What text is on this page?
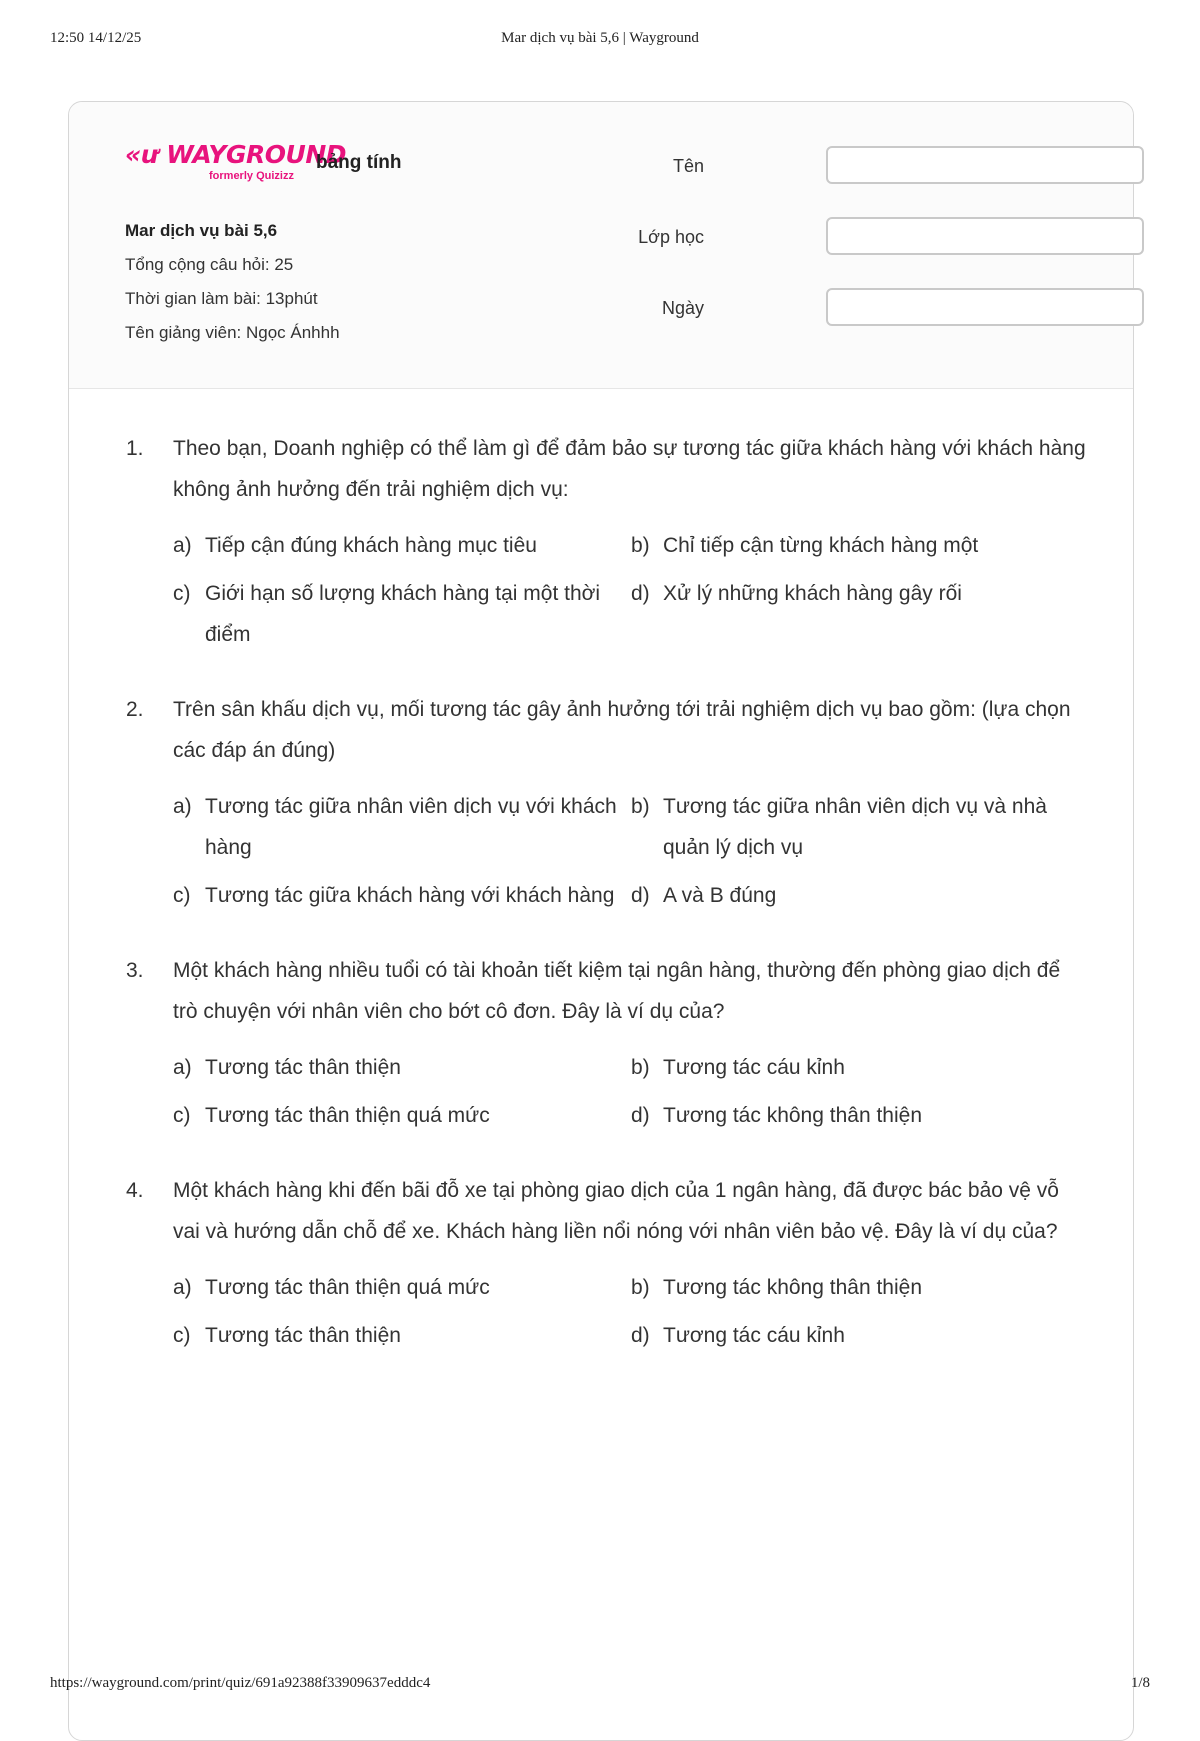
Mar dịch vụ bài 5,6 | Wayground
12:50 14/12/25
«ư WAYGROUND
formerly Quizizz
bảng tính
Mar dịch vụ bài 5,6
Tổng cộng câu hỏi: 25
Thời gian làm bài: 13phút
Tên giảng viên: Ngọc Ánhhh
Tên
Lớp học
Ngày
1. Theo bạn, Doanh nghiệp có thể làm gì để đảm bảo sự tương tác giữa khách hàng với khách hàng không ảnh hưởng đến trải nghiệm dịch vụ:
a) Tiếp cận đúng khách hàng mục tiêu	b) Chỉ tiếp cận từng khách hàng một
c) Giới hạn số lượng khách hàng tại một thời điểm
d) Xử lý những khách hàng gây rối
2. Trên sân khấu dịch vụ, mối tương tác gây ảnh hưởng tới trải nghiệm dịch vụ bao gồm: (lựa chọn các đáp án đúng)
a) Tương tác giữa nhân viên dịch vụ với khách hàng
b) Tương tác giữa nhân viên dịch vụ và nhà quản lý dịch vụ
c) Tương tác giữa khách hàng với khách hàng d) A và B đúng
3. Một khách hàng nhiều tuổi có tài khoản tiết kiệm tại ngân hàng, thường đến phòng giao dịch để trò chuyện với nhân viên cho bớt cô đơn. Đây là ví dụ của?
a) Tương tác thân thiện	b) Tương tác cáu kỉnh
c) Tương tác thân thiện quá mức	d) Tương tác không thân thiện
4. Một khách hàng khi đến bãi đỗ xe tại phòng giao dịch của 1 ngân hàng, đã được bác bảo vệ vỗ vai và hướng dẫn chỗ để xe. Khách hàng liền nổi nóng với nhân viên bảo vệ. Đây là ví dụ của?
a) Tương tác thân thiện quá mức	b) Tương tác không thân thiện
c) Tương tác thân thiện	d) Tương tác cáu kỉnh
https://wayground.com/print/quiz/691a92388f33909637edddc4	1/8
